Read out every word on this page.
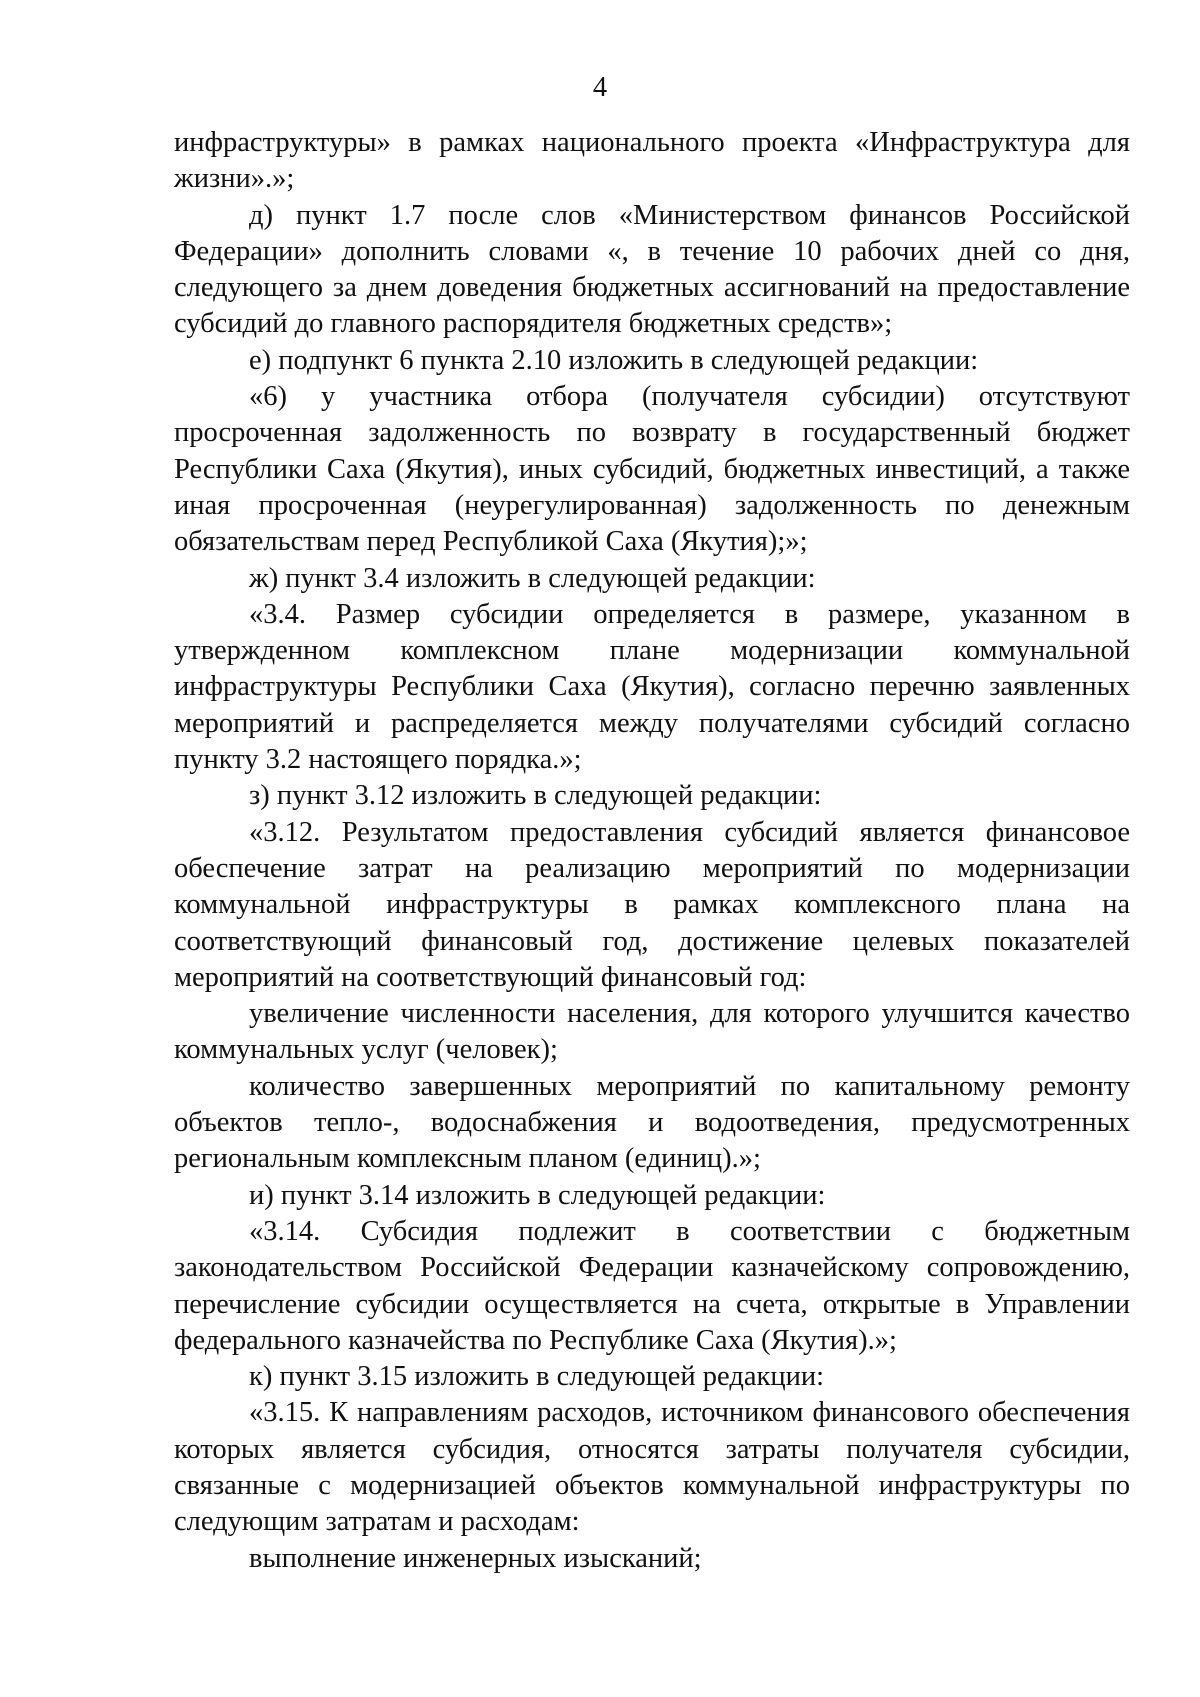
4

инфраструктуры» в рамках национального проекта «Инфраструктура для жизни».»;

д) пункт 1.7 после слов «Министерством финансов Российской Федерации» дополнить словами «, в течение 10 рабочих дней со дня, следующего за днем доведения бюджетных ассигнований на предоставление субсидий до главного распорядителя бюджетных средств»;

е) подпункт 6 пункта 2.10 изложить в следующей редакции:

«6) у участника отбора (получателя субсидии) отсутствуют просроченная задолженность по возврату в государственный бюджет Республики Саха (Якутия), иных субсидий, бюджетных инвестиций, а также иная просроченная (неурегулированная) задолженность по денежным обязательствам перед Республикой Саха (Якутия);»;

ж) пункт 3.4 изложить в следующей редакции:

«3.4. Размер субсидии определяется в размере, указанном в утвержденном комплексном плане модернизации коммунальной инфраструктуры Республики Саха (Якутия), согласно перечню заявленных мероприятий и распределяется между получателями субсидий согласно пункту 3.2 настоящего порядка.»;

з) пункт 3.12 изложить в следующей редакции:

«3.12. Результатом предоставления субсидий является финансовое обеспечение затрат на реализацию мероприятий по модернизации коммунальной инфраструктуры в рамках комплексного плана на соответствующий финансовый год, достижение целевых показателей мероприятий на соответствующий финансовый год:

увеличение численности населения, для которого улучшится качество коммунальных услуг (человек);

количество завершенных мероприятий по капитальному ремонту объектов тепло-, водоснабжения и водоотведения, предусмотренных региональным комплексным планом (единиц).»;

и) пункт 3.14 изложить в следующей редакции:

«3.14. Субсидия подлежит в соответствии с бюджетным законодательством Российской Федерации казначейскому сопровождению, перечисление субсидии осуществляется на счета, открытые в Управлении федерального казначейства по Республике Саха (Якутия).»;

к) пункт 3.15 изложить в следующей редакции:

«3.15. К направлениям расходов, источником финансового обеспечения которых является субсидия, относятся затраты получателя субсидии, связанные с модернизацией объектов коммунальной инфраструктуры по следующим затратам и расходам:

выполнение инженерных изысканий;
